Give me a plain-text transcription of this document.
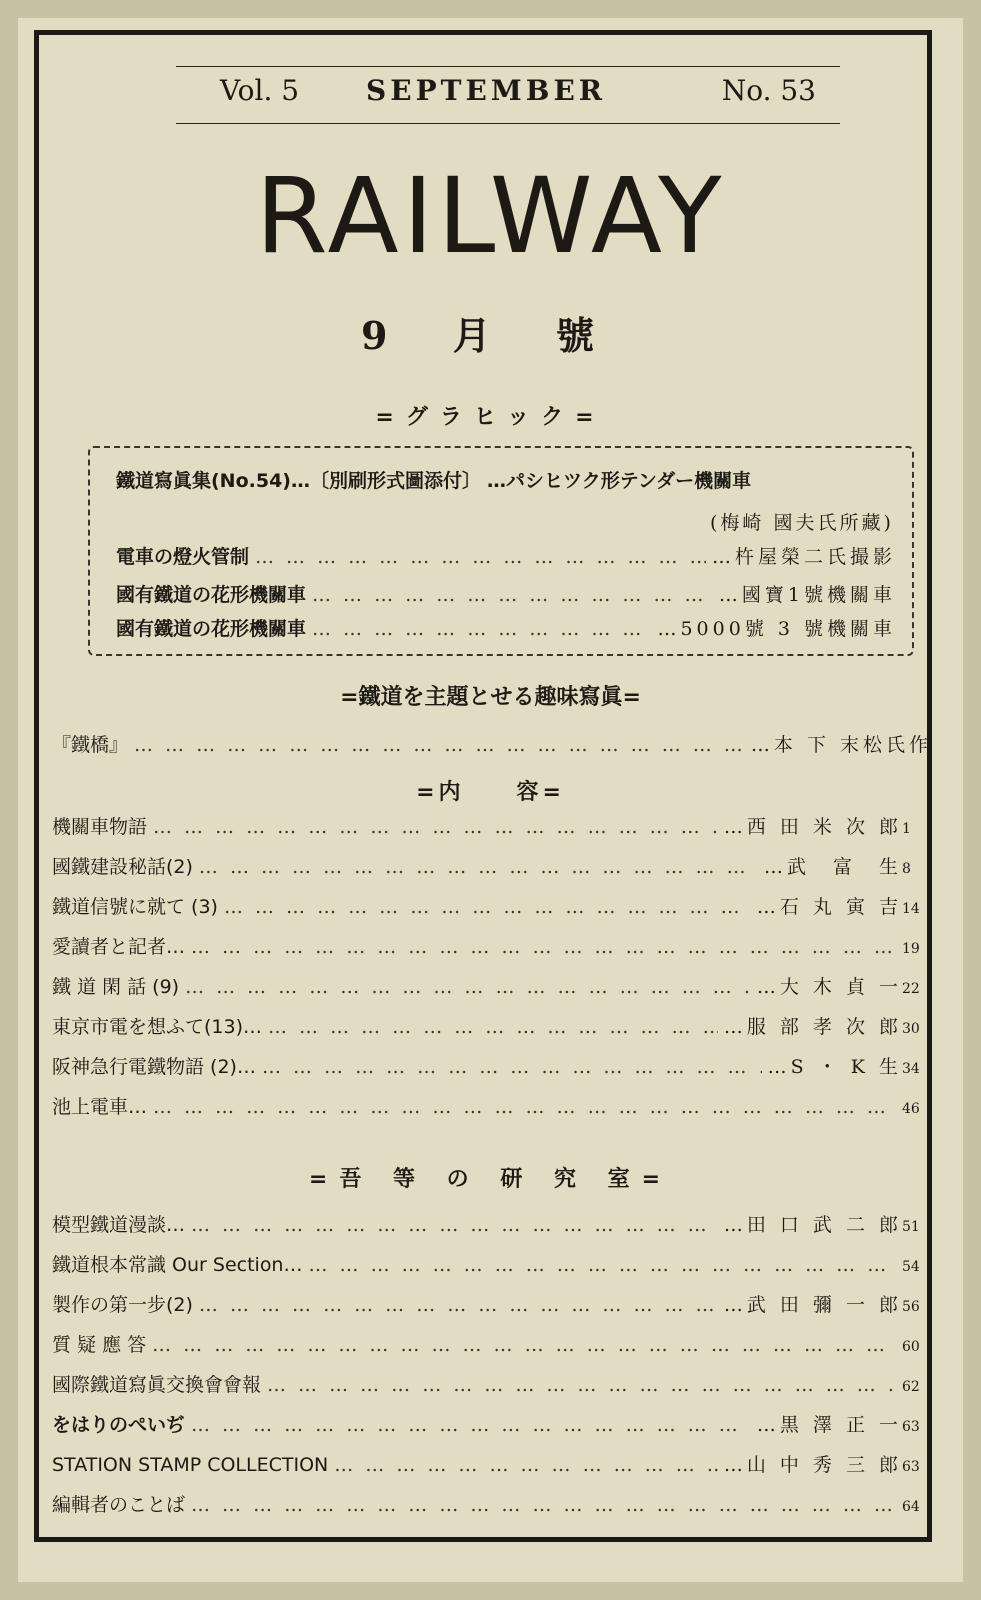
Vol. 5 SEPTEMBER	No. 53
RAILWAY
9 月 號
=グラヒック=
鐵道寫眞集(No.54)…〔別刷形式圖添付〕 …パシヒツク形テンダー機關車
(梅崎 國夫氏所藏)
電車の燈火管制 … … … … … … … … … … … … … … … … … … … … … … … … … … … … … …	…杵屋榮二氏撮影
國有鐵道の花形機關車 … … … … … … … … … … … … … … … … … … … … … … … … … … … … … …	…國寶1號機關車
國有鐵道の花形機關車 … … … … … … … … … … … … … … … … … … … … … … … … … … … … … …	…5000號 3 號機關車
=鐵道を主題とせる趣味寫眞=
『鐵橋』 … … … … … … … … … … … … … … … … … … … … … … … … … … … … … …	…本 下 末松氏作
=内　　容=
機關車物語 … … … … … … … … … … … … … … … … … … … … … … … … … … … … … …	…西 田 米 次 郎 1
國鐵建設秘話(2) … … … … … … … … … … … … … … … … … … … … … … … … … … … … … …	…武　富　生 8
鐵道信號に就て (3) … … … … … … … … … … … … … … … … … … … … … … … … … … … … … …	…石 丸 寅 吉 14
愛讀者と記者… … … … … … … … … … … … … … … … … … … … … … … … … … … … … … …	19
鐵 道 閑 話 (9) … … … … … … … … … … … … … … … … … … … … … … … … … … … … … …	…大 木 貞 一 22
東京市電を想ふて(13)… … … … … … … … … … … … … … … … … … … … … … … … … … … … … … …	…服 部 孝 次 郎 30
阪神急行電鐵物語 (2)… … … … … … … … … … … … … … … … … … … … … … … … … … … … … … …	…S ・ K 生 34
池上電車… … … … … … … … … … … … … … … … … … … … … … … … … … … … … … …	46
=吾 等 の 研 究 室=
模型鐵道漫談… … … … … … … … … … … … … … … … … … … … … … … … … … … … … … …	…田 口 武 二 郎 51
鐵道根本常識 Our Section… … … … … … … … … … … … … … … … … … … … … … … … … … … … … … …	54
製作の第一步(2) … … … … … … … … … … … … … … … … … … … … … … … … … … … … … …	…武 田 彌 一 郎 56
質 疑 應 答 … … … … … … … … … … … … … … … … … … … … … … … … … … … … … …	60
國際鐵道寫眞交換會會報 … … … … … … … … … … … … … … … … … … … … … … … … … … … … … …	62
をはりのぺいぢ … … … … … … … … … … … … … … … … … … … … … … … … … … … … … …	…黒 澤 正 一 63
STATION STAMP COLLECTION … … … … … … … … … … … … … … … … … … … … … … … … … … … … … …	…山 中 秀 三 郎 63
編輯者のことば … … … … … … … … … … … … … … … … … … … … … … … … … … … … … …	64
